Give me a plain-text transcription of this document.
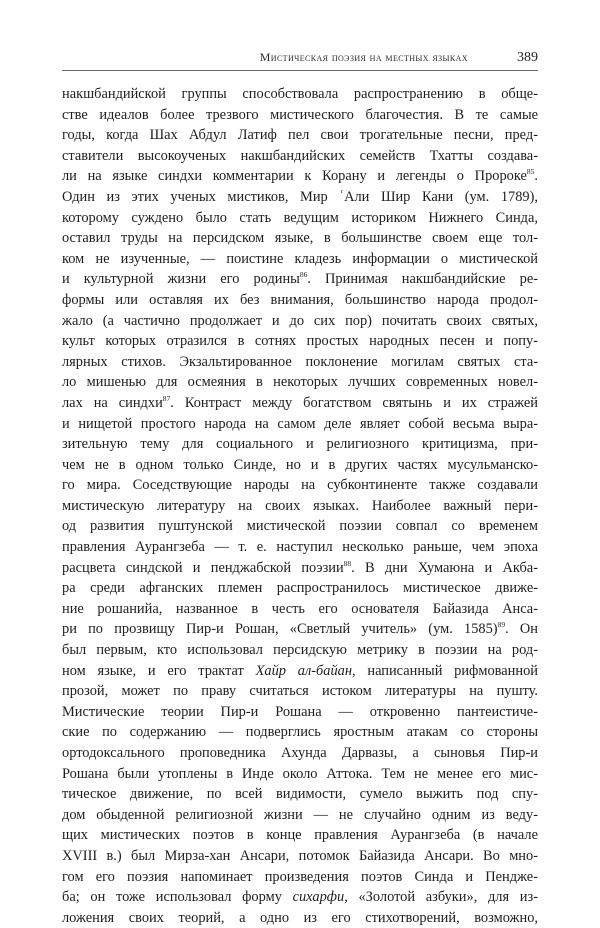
Мистическая поэзия на местных языках	389
накшбандийской группы способствовала распространению в обще-
стве идеалов более трезвого мистического благочестия. В те самые
годы, когда Шах Абдул Латиф пел свои трогательные песни, пред-
ставители высокоученых накшбандийских семейств Тхатты создава-
ли на языке синдхи комментарии к Корану и легенды о Пророке$^{85}$.
Один из этих ученых мистиков, Мир ʿАли Шир Кани (ум. 1789),
которому суждено было стать ведущим историком Нижнего Синда,
оставил труды на персидском языке, в большинстве своем еще тол-
ком не изученные, — поистине кладезь информации о мистической
и культурной жизни его родины$^{86}$. Принимая накшбандийские ре-
формы или оставляя их без внимания, большинство народа продол-
жало (а частично продолжает и до сих пор) почитать своих святых,
культ которых отразился в сотнях простых народных песен и попу-
лярных стихов. Экзальтированное поклонение могилам святых ста-
ло мишенью для осмеяния в некоторых лучших современных новел-
лах на синдхи$^{87}$. Контраст между богатством святынь и их стражей
и нищетой простого народа на самом деле являет собой весьма выра-
зительную тему для социального и религиозного критицизма, при-
чем не в одном только Синде, но и в других частях мусульманско-
го мира. Соседствующие народы на субконтиненте также создавали
мистическую литературу на своих языках. Наиболее важный пери-
од развития пуштунской мистической поэзии совпал со временем
правления Аурангзеба — т. е. наступил несколько раньше, чем эпоха
расцвета синдской и пенджабской поэзии$^{88}$. В дни Хумаюна и Акба-
ра среди афганских племен распространилось мистическое движе-
ние рошанийа, названное в честь его основателя Байазида Анса-
ри по прозвищу Пир-и Рошан, «Светлый учитель» (ум. 1585)$^{89}$. Он
был первым, кто использовал персидскую метрику в поэзии на род-
ном языке, и его трактат Хайр ал-байан, написанный рифмованной
прозой, может по праву считаться истоком литературы на пушту.
Мистические теории Пир-и Рошана — откровенно пантеистиче-
ские по содержанию — подверглись яростным атакам со стороны
ортодоксального проповедника Ахунда Дарвазы, а сыновья Пир-и
Рошана были утоплены в Инде около Аттока. Тем не менее его мис-
тическое движение, по всей видимости, сумело выжить под спу-
дом обыденной религиозной жизни — не случайно одним из веду-
щих мистических поэтов в конце правления Аурангзеба (в начале
XVIII в.) был Мирза-хан Ансари, потомок Байазида Ансари. Во мно-
гом его поэзия напоминает произведения поэтов Синда и Пендже-
ба; он тоже использовал форму сихарфи, «Золотой азбуки», для из-
ложения своих теорий, а одно из его стихотворений, возможно,
